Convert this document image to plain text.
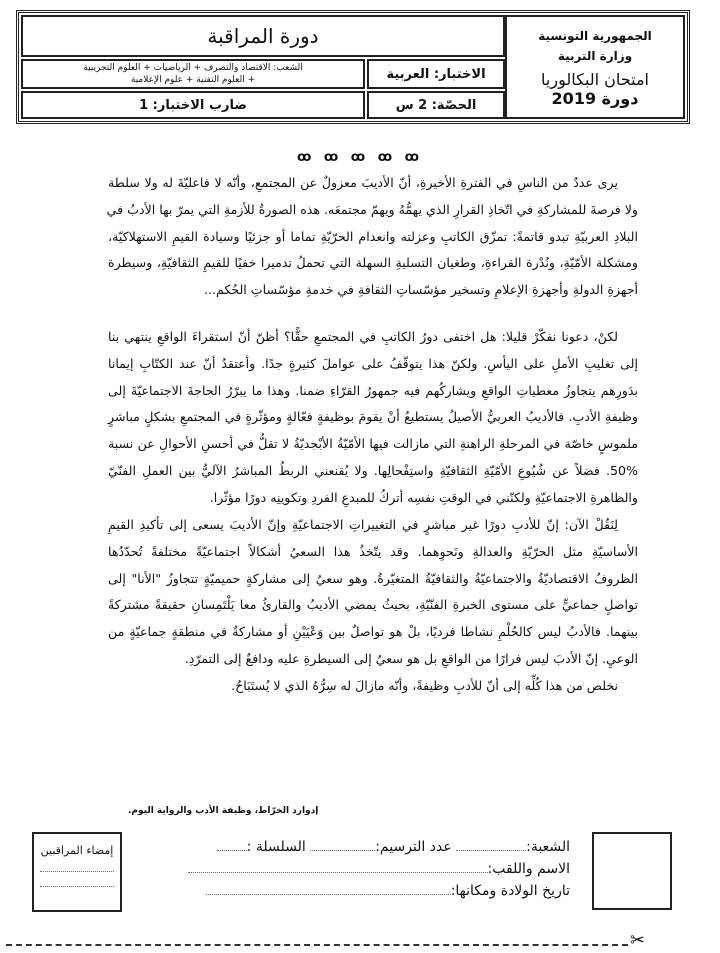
الجمهورية التونسية
وزارة التربية
امتحان البكالوريا
دورة 2019
دورة المراقبة
الاختبار: العربية
الشعب: الاقتصاد والتصرف + الرياضيات + العلوم التجريبية
+ العلوم التقنية + علوم الإعلامية
الحصّة: 2 س
ضارب الاختبار: 1
ꝏ ꝏ ꝏ ꝏ ꝏ
يرى عددٌ من الناسِ في الفترةِ الأخيرةِ، أنّ الأديبَ معزولٌ عن المجتمعِ، وأنّه لا فاعليّةَ له ولا سلطة
ولا فرصةَ للمشاركةِ في اتّخاذِ القرارِ الذي يهمُّهُ ويهمّ مجتمعَه. هذه الصورةُ للأزمةِ التي يمرّ بها الأدبُ في
البلادِ العربيّةِ تبدو قاتمةً: تمزّق الكاتبِ وعزلته وانعدام الحرّيّةِ تماما أو جزئيًا وسيادة القيمِ الاستهلاكيّة،
ومشكلة الأمّيّةِ، ونُدْرة القراءةِ، وطغيان التسليةِ السهلة التي تحملُ تدميرا خفيًا للقيمِ الثقافيّةِ، وسيطرة
أجهزةِ الدولةِ وأجهزةِ الإعلامِ وتسخير مؤسّساتِ الثقافةِ في خدمةِ مؤسّساتِ الحُكم...
لكنْ، دعونا نفكّرْ قليلا: هل اختفى دورُ الكاتبِ في المجتمعِ حقًّا؟ أظنّ أنّ استقراءَ الواقعِ ينتهي بنا
إلى تغليبِ الأملِ على اليأسِ. ولكنّ هذا يتوقّفُ على عواملَ كثيرةٍ جدًا. وأعتقدُ أنّ عند الكتّابِ إيمانا
بدَورِهم يتجاوزُ معطياتِ الواقعِ ويشاركُهم فيه جمهورُ القرّاءِ ضمنا. وهذا ما يبرّرُ الحاجةَ الاجتماعيّةَ إلى
وظيفةِ الأدبِ. فالأديبُ العربيُّ الأصيلُ يستطيعُ أنْ يقومَ بوظيفةٍ فعّالةٍ ومؤثّرةٍ في المجتمعِ بشكلٍ مباشرٍ
ملموسٍ خاصّة في المرحلةِ الراهنةِ التي مازالت فيها الأمّيّةُ الأبْجديّةُ لا تقلُّ في أحسنِ الأحوالِ عن نسبة
50%. فضلاً عن شُيُوعِ الأمّيّةِ الثقافيّةِ واستِفْحالِها. ولا يُقنعني الربطُ المباشرُ الآليُّ بين العملِ الفنّيّ
والظاهرةِ الاجتماعيّةِ ولكنّني في الوقتِ نفسِه أتركُ للمبدعِ الفردِ وتكوينِه دورًا مؤثّرا.
لِنَقُلْ الآن: إنّ للأدبِ دورًا غير مباشرٍ في التغييراتِ الاجتماعيّةِ وإنّ الأديبَ يسعى إلى تأكيدِ القيمِ
الأساسيّةِ مثل الحرّيّةِ والعدالةِ ونَحوِهما. وقد يتّخذُ هذا السعيُ أشكالاً اجتماعيّةً مختلفةً تُحدّدُها
الظروفُ الاقتصاديّةُ والاجتماعيّةُ والثقافيّةُ المتغيّرةُ. وهو سعيٌ إلى مشاركةٍ حميميّةٍ تتجاوزُ "الأنا" إلى
تواصلٍ جماعيٍّ على مستوى الخبرةِ الفنّيّةِ، بحيثُ يمضي الأديبُ والقارئُ معا يَلْتَمِسانِ حقيقةً مشتركةً
بينهما. فالأدبُ ليس كالحُلْمِ نشاطا فرديًا، بلْ هو تواصلٌ بين وَعْيَيْنِ أو مشاركةٌ في منطقةٍ جماعيّةٍ من
الوعيِ. إنّ الأدبَ ليس فرارًا من الواقعِ بل هو سعيٌ إلى السيطرةِ عليه ودافعٌ إلى التمرّدِ.
نخلص من هذا كُلِّه إلى أنّ للأدبِ وظيفةً، وأنّه مازالَ له سِرُّهُ الذي لا يُستَبَاحُ.
إدوارد الخرّاط، وظيفة الأدب والرواية اليوم.
الشعبة: عدد الترسيم: السلسلة :
الاسم واللقب:
تاريخ الولادة ومكانها:
إمضاء المراقبين
✂
